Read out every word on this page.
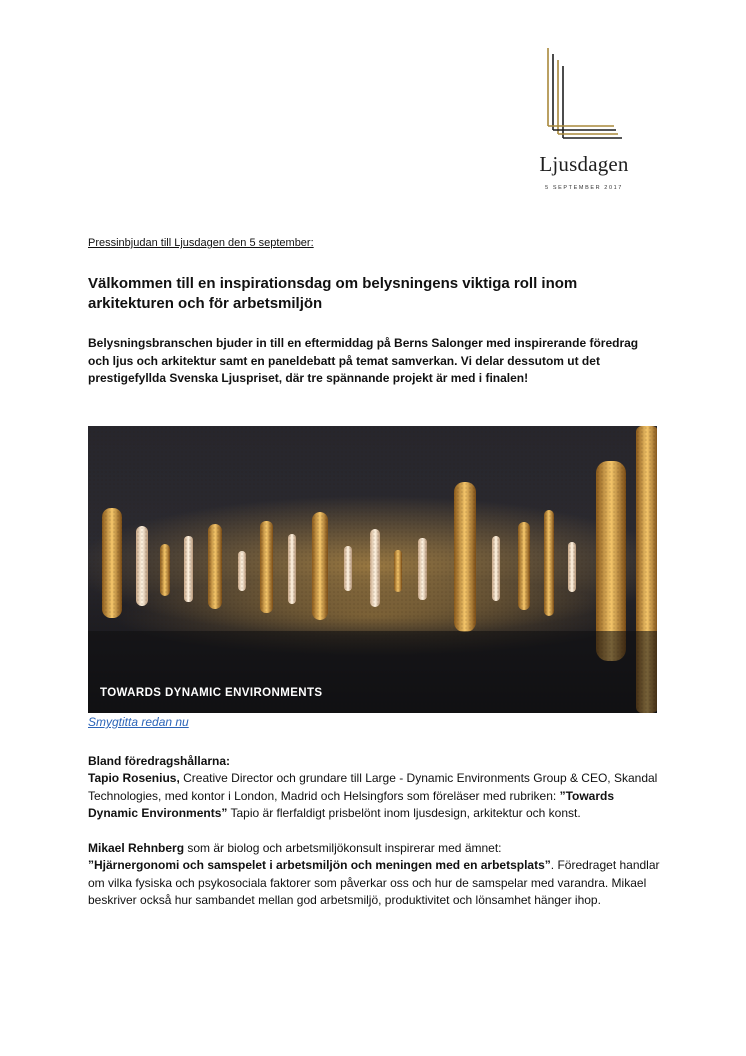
Ljusdagen
5 SEPTEMBER 2017
Pressinbjudan till Ljusdagen den 5 september:
Välkommen till en inspirationsdag om belysningens viktiga roll inom arkitekturen och för arbetsmiljön
Belysningsbranschen bjuder in till en eftermiddag på Berns Salonger med inspirerande föredrag och ljus och arkitektur samt en paneldebatt på temat samverkan. Vi delar dessutom ut det prestigefyllda Svenska Ljuspriset, där tre spännande projekt är med i finalen!
TOWARDS DYNAMIC ENVIRONMENTS
Smygtitta redan nu

Bland föredragshållarna:

Tapio Rosenius, Creative Director och grundare till Large - Dynamic Environments Group & CEO, Skandal Technologies, med kontor i London, Madrid och Helsingfors som föreläser med rubriken: ”Towards Dynamic Environments” Tapio är flerfaldigt prisbelönt inom ljusdesign, arkitektur och konst.

Mikael Rehnberg som är biolog och arbetsmiljökonsult inspirerar med ämnet:
”Hjärnergonomi och samspelet i arbetsmiljön och meningen med en arbetsplats”. Föredraget handlar om vilka fysiska och psykosociala faktorer som påverkar oss och hur de samspelar med varandra. Mikael beskriver också hur sambandet mellan god arbetsmiljö, produktivitet och lönsamhet hänger ihop.
